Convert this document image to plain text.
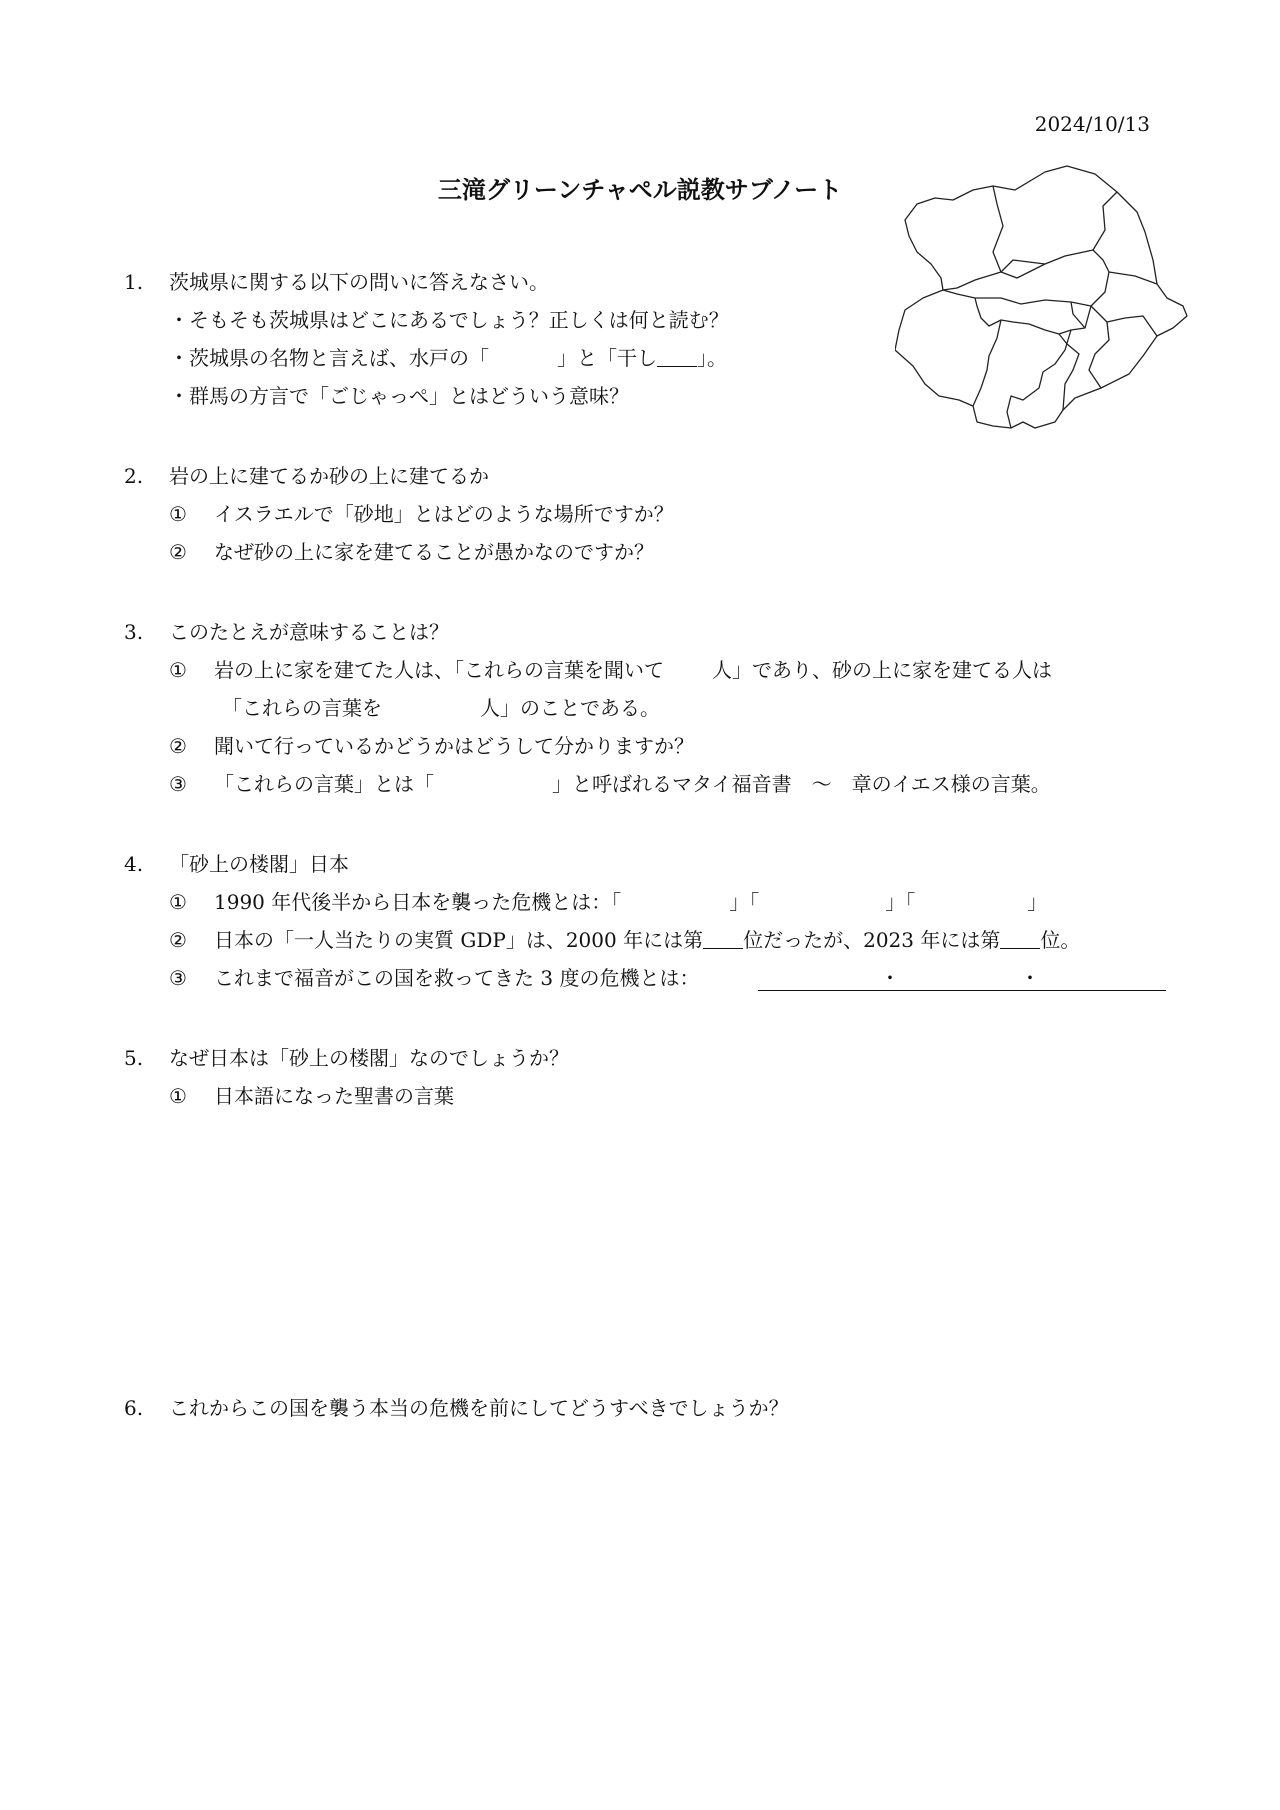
2024/10/13
三滝グリーンチャペル説教サブノート
1. 茨城県に関する以下の問いに答えなさい。
・そもそも茨城県はどこにあるでしょう？正しくは何と読む？
・茨城県の名物と言えば、水戸の「	」と「干し 」。
・群馬の方言で「ごじゃっぺ」とはどういう意味？
2. 岩の上に建てるか砂の上に建てるか
① イスラエルで「砂地」とはどのような場所ですか？
② なぜ砂の上に家を建てることが愚かなのですか？
3. このたとえが意味することは？
① 岩の上に家を建てた人は、「これらの言葉を聞いて 人」であり、砂の上に家を建てる人は
「これらの言葉を	人」のことである。
② 聞いて行っているかどうかはどうして分かりますか？
③ 「これらの言葉」とは「	」と呼ばれるマタイ福音書　～　章のイエス様の言葉。
4. 「砂上の楼閣」日本
① 1990 年代後半から日本を襲った危機とは：「	」「	」「	」
② 日本の「一人当たりの実質 GDP」は、2000 年には第 位だったが、2023 年には第 位。
③ これまで福音がこの国を救ってきた 3 度の危機とは：	・	・
5. なぜ日本は「砂上の楼閣」なのでしょうか？
① 日本語になった聖書の言葉
6. これからこの国を襲う本当の危機を前にしてどうすべきでしょうか？
